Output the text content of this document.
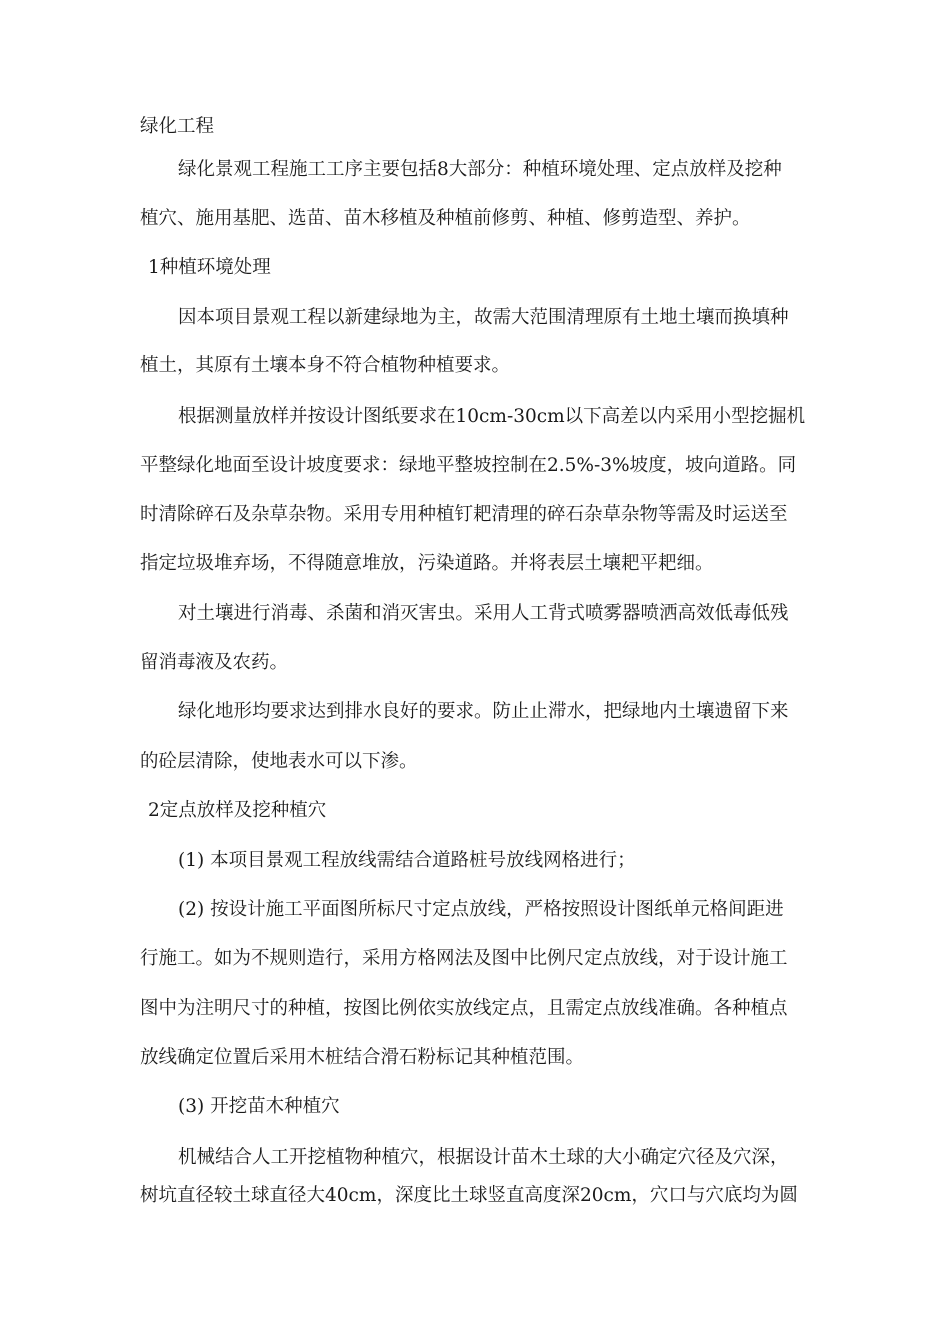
绿化工程

绿化景观工程施工工序主要包括8大部分：种植环境处理、定点放样及挖种

植穴、施用基肥、选苗、苗木移植及种植前修剪、种植、修剪造型、养护。

1种植环境处理

因本项目景观工程以新建绿地为主，故需大范围清理原有土地土壤而换填种

植土，其原有土壤本身不符合植物种植要求。

根据测量放样并按设计图纸要求在10cm-30cm以下高差以内采用小型挖掘机

平整绿化地面至设计坡度要求：绿地平整坡控制在2.5%-3%坡度，坡向道路。同

时清除碎石及杂草杂物。采用专用种植钉耙清理的碎石杂草杂物等需及时运送至

指定垃圾堆弃场，不得随意堆放，污染道路。并将表层土壤耙平耙细。

对土壤进行消毒、杀菌和消灭害虫。采用人工背式喷雾器喷洒高效低毒低残

留消毒液及农药。

绿化地形均要求达到排水良好的要求。防止止滞水，把绿地内土壤遗留下来

的砼层清除，使地表水可以下渗。

2定点放样及挖种植穴

(1) 本项目景观工程放线需结合道路桩号放线网格进行；

(2) 按设计施工平面图所标尺寸定点放线，严格按照设计图纸单元格间距进

行施工。如为不规则造行，采用方格网法及图中比例尺定点放线，对于设计施工

图中为注明尺寸的种植，按图比例依实放线定点，且需定点放线准确。各种植点

放线确定位置后采用木桩结合滑石粉标记其种植范围。

(3) 开挖苗木种植穴

机械结合人工开挖植物种植穴，根据设计苗木土球的大小确定穴径及穴深，

树坑直径较土球直径大40cm，深度比土球竖直高度深20cm，穴口与穴底均为圆
